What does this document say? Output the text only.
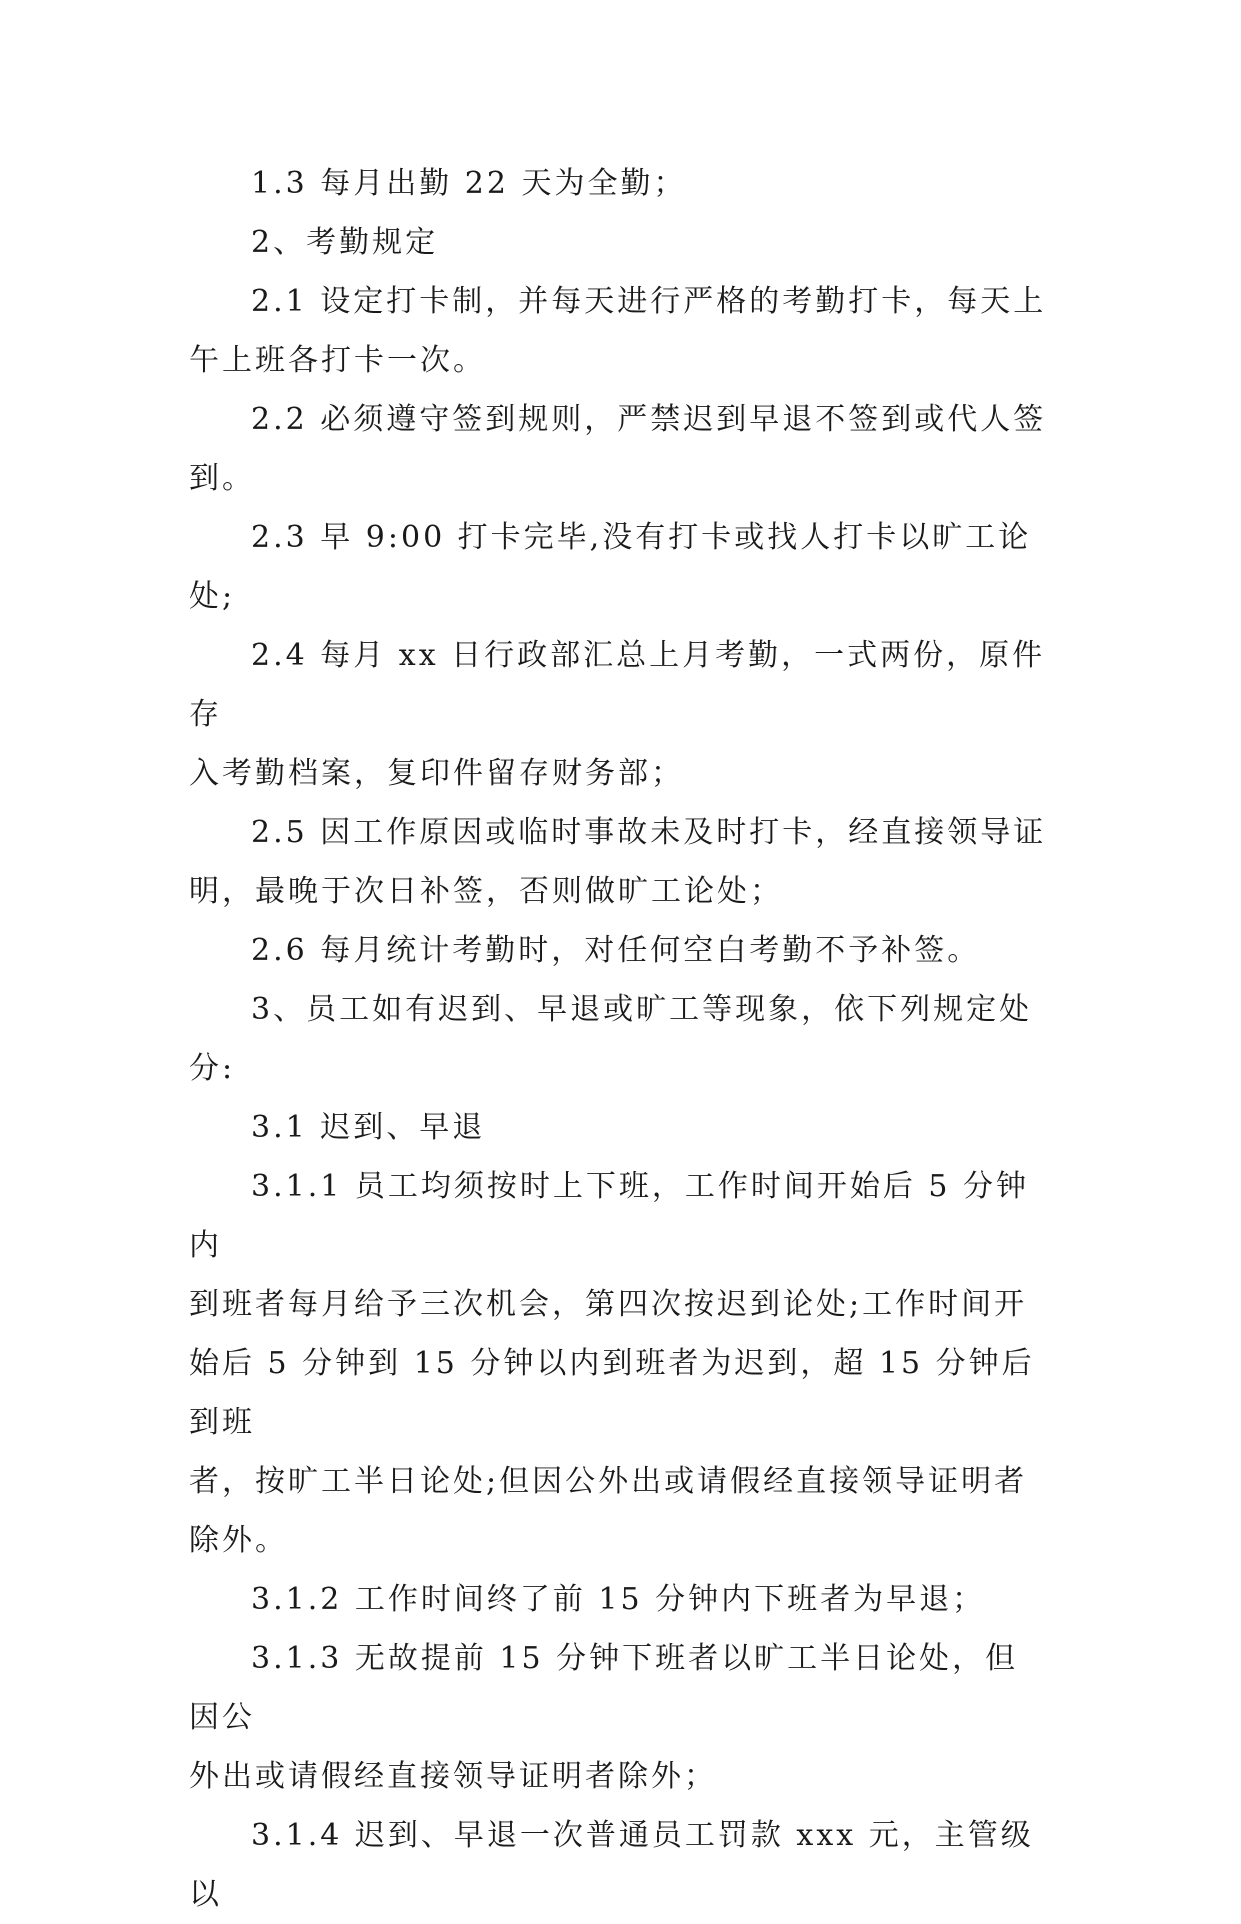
1.3 每月出勤 22 天为全勤；

2、考勤规定

2.1 设定打卡制，并每天进行严格的考勤打卡，每天上
午上班各打卡一次。

2.2 必须遵守签到规则，严禁迟到早退不签到或代人签
到。

2.3 早 9:00 打卡完毕,没有打卡或找人打卡以旷工论处;

2.4 每月 xx 日行政部汇总上月考勤，一式两份，原件存
入考勤档案，复印件留存财务部；

2.5 因工作原因或临时事故未及时打卡，经直接领导证
明，最晚于次日补签，否则做旷工论处；

2.6 每月统计考勤时，对任何空白考勤不予补签。

3、员工如有迟到、早退或旷工等现象，依下列规定处
分:

3.1 迟到、早退

3.1.1 员工均须按时上下班，工作时间开始后 5 分钟内
到班者每月给予三次机会，第四次按迟到论处;工作时间开
始后 5 分钟到 15 分钟以内到班者为迟到，超 15 分钟后到班
者，按旷工半日论处;但因公外出或请假经直接领导证明者
除外。

3.1.2 工作时间终了前 15 分钟内下班者为早退；

3.1.3 无故提前 15 分钟下班者以旷工半日论处，但因公
外出或请假经直接领导证明者除外；

3.1.4 迟到、早退一次普通员工罚款 xxx 元，主管级以
